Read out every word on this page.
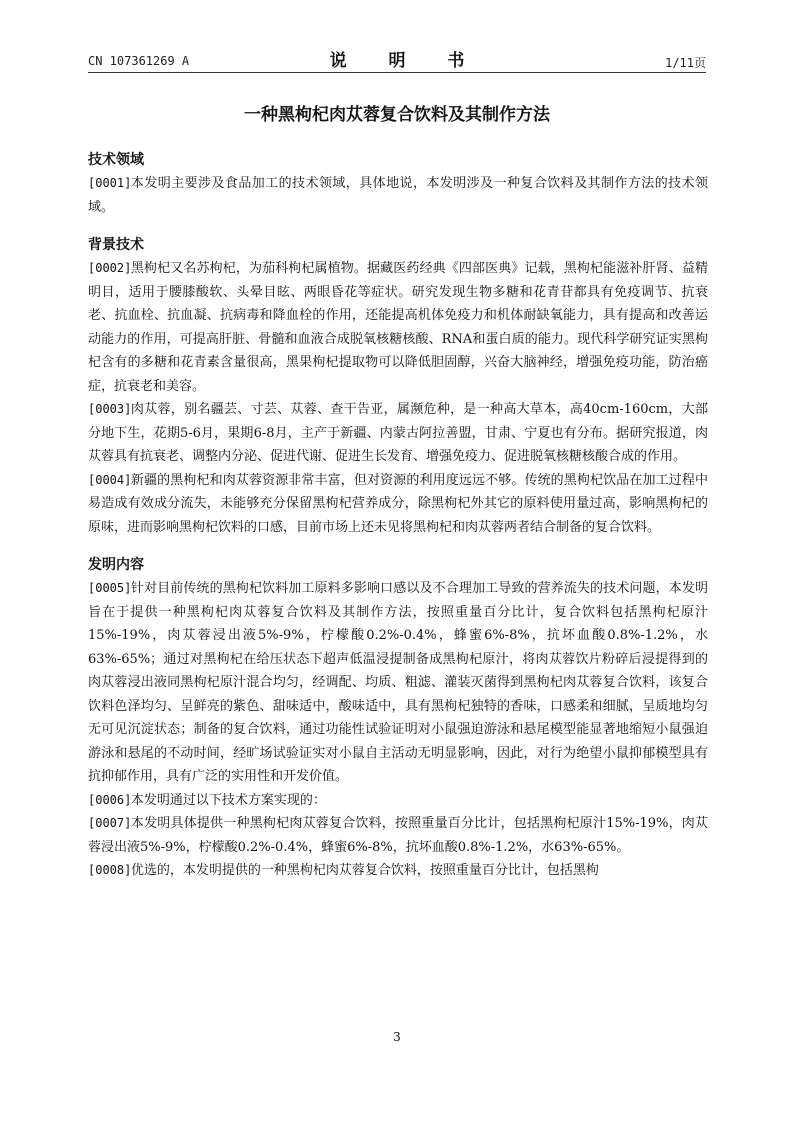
CN 107361269 A	说 明 书	1/11页
一种黑枸杞肉苁蓉复合饮料及其制作方法
技术领域

[0001] 本发明主要涉及食品加工的技术领域，具体地说，本发明涉及一种复合饮料及其制作方法的技术领域。

背景技术

[0002] 黑枸杞又名苏枸杞，为茄科枸杞属植物。据藏医药经典《四部医典》记载，黑枸杞能滋补肝肾、益精明目，适用于腰膝酸软、头晕目眩、两眼昏花等症状。研究发现生物多糖和花青苷都具有免疫调节、抗衰老、抗血栓、抗血凝、抗病毒和降血栓的作用，还能提高机体免疫力和机体耐缺氧能力，具有提高和改善运动能力的作用，可提高肝脏、骨髓和血液合成脱氧核糖核酸、RNA和蛋白质的能力。现代科学研究证实黑枸杞含有的多糖和花青素含量很高，黑果枸杞提取物可以降低胆固醇，兴奋大脑神经，增强免疫功能，防治癌症，抗衰老和美容。

[0003] 肉苁蓉，别名疆芸、寸芸、苁蓉、查干告亚，属濒危种，是一种高大草本，高40cm-160cm，大部分地下生，花期5-6月，果期6-8月，主产于新疆、内蒙古阿拉善盟，甘肃、宁夏也有分布。据研究报道，肉苁蓉具有抗衰老、调整内分泌、促进代谢、促进生长发育、增强免疫力、促进脱氧核糖核酸合成的作用。

[0004] 新疆的黑枸杞和肉苁蓉资源非常丰富，但对资源的利用度远远不够。传统的黑枸杞饮品在加工过程中易造成有效成分流失，未能够充分保留黑枸杞营养成分，除黑枸杞外其它的原料使用量过高，影响黑枸杞的原味，进而影响黑枸杞饮料的口感，目前市场上还未见将黑枸杞和肉苁蓉两者结合制备的复合饮料。

发明内容

[0005] 针对目前传统的黑枸杞饮料加工原料多影响口感以及不合理加工导致的营养流失的技术问题，本发明旨在于提供一种黑枸杞肉苁蓉复合饮料及其制作方法，按照重量百分比计，复合饮料包括黑枸杞原汁15%-19%，肉苁蓉浸出液5%-9%，柠檬酸0.2%-0.4%，蜂蜜6%-8%，抗坏血酸0.8%-1.2%，水63%-65%；通过对黑枸杞在给压状态下超声低温浸提制备成黑枸杞原汁，将肉苁蓉饮片粉碎后浸提得到的肉苁蓉浸出液同黑枸杞原汁混合均匀，经调配、均质、粗滤、灌装灭菌得到黑枸杞肉苁蓉复合饮料，该复合饮料色泽均匀、呈鲜亮的紫色、甜味适中，酸味适中，具有黑枸杞独特的香味，口感柔和细腻，呈质地均匀无可见沉淀状态；制备的复合饮料，通过功能性试验证明对小鼠强迫游泳和悬尾模型能显著地缩短小鼠强迫游泳和悬尾的不动时间，经旷场试验证实对小鼠自主活动无明显影响，因此，对行为绝望小鼠抑郁模型具有抗抑郁作用，具有广泛的实用性和开发价值。

[0006] 本发明通过以下技术方案实现的：

[0007] 本发明具体提供一种黑枸杞肉苁蓉复合饮料，按照重量百分比计，包括黑枸杞原汁15%-19%，肉苁蓉浸出液5%-9%，柠檬酸0.2%-0.4%，蜂蜜6%-8%，抗坏血酸0.8%-1.2%，水63%-65%。

[0008] 优选的，本发明提供的一种黑枸杞肉苁蓉复合饮料，按照重量百分比计，包括黑枸

3
